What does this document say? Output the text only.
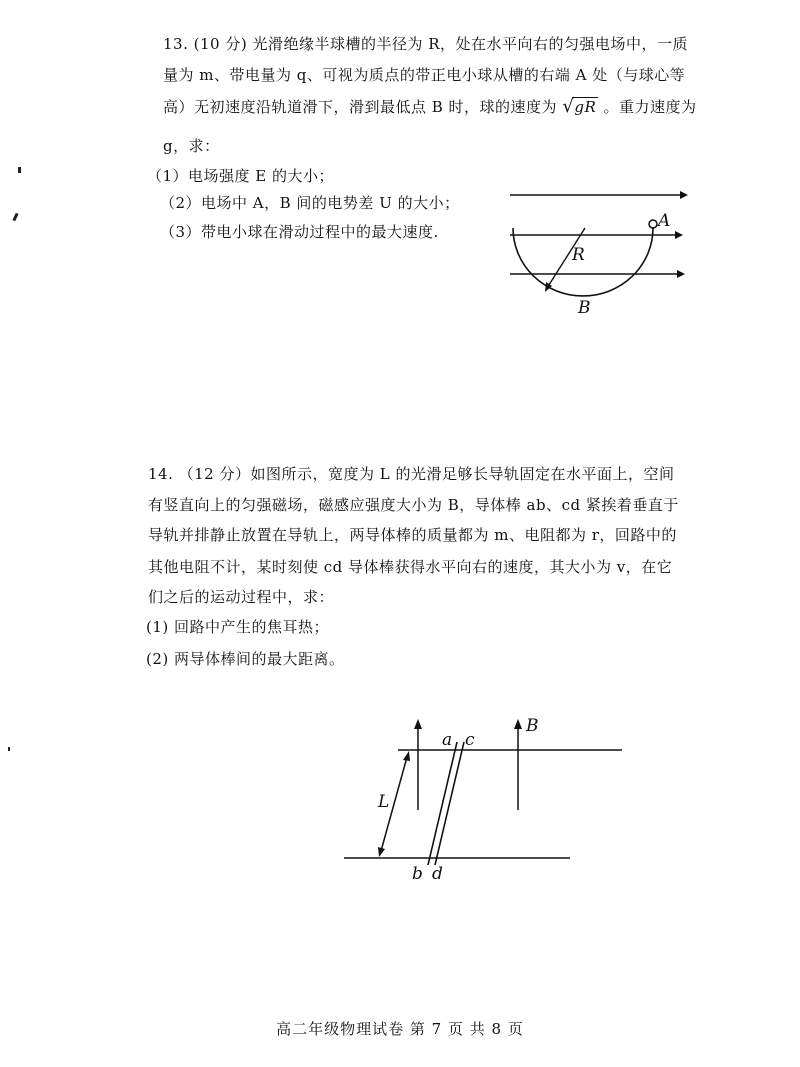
13. (10 分) 光滑绝缘半球槽的半径为 R，处在水平向右的匀强电场中，一质
量为 m、带电量为 q、可视为质点的带正电小球从槽的右端 A 处（与球心等
高）无初速度沿轨道滑下，滑到最低点 B 时，球的速度为 √ gR 。重力速度为
g，求：
（1）电场强度 E 的大小；
（2）电场中 A，B 间的电势差 U 的大小；
（3）带电小球在滑动过程中的最大速度.
A
R
B
14. （12 分）如图所示，宽度为 L 的光滑足够长导轨固定在水平面上，空间
有竖直向上的匀强磁场，磁感应强度大小为 B，导体棒 ab、cd 紧挨着垂直于
导轨并排静止放置在导轨上，两导体棒的质量都为 m、电阻都为 r，回路中的
其他电阻不计，某时刻使 cd 导体棒获得水平向右的速度，其大小为 v，在它
们之后的运动过程中，求：
(1) 回路中产生的焦耳热；
(2) 两导体棒间的最大距离。
a c
b d
B
L
高二年级物理试卷 第 7 页 共 8 页
